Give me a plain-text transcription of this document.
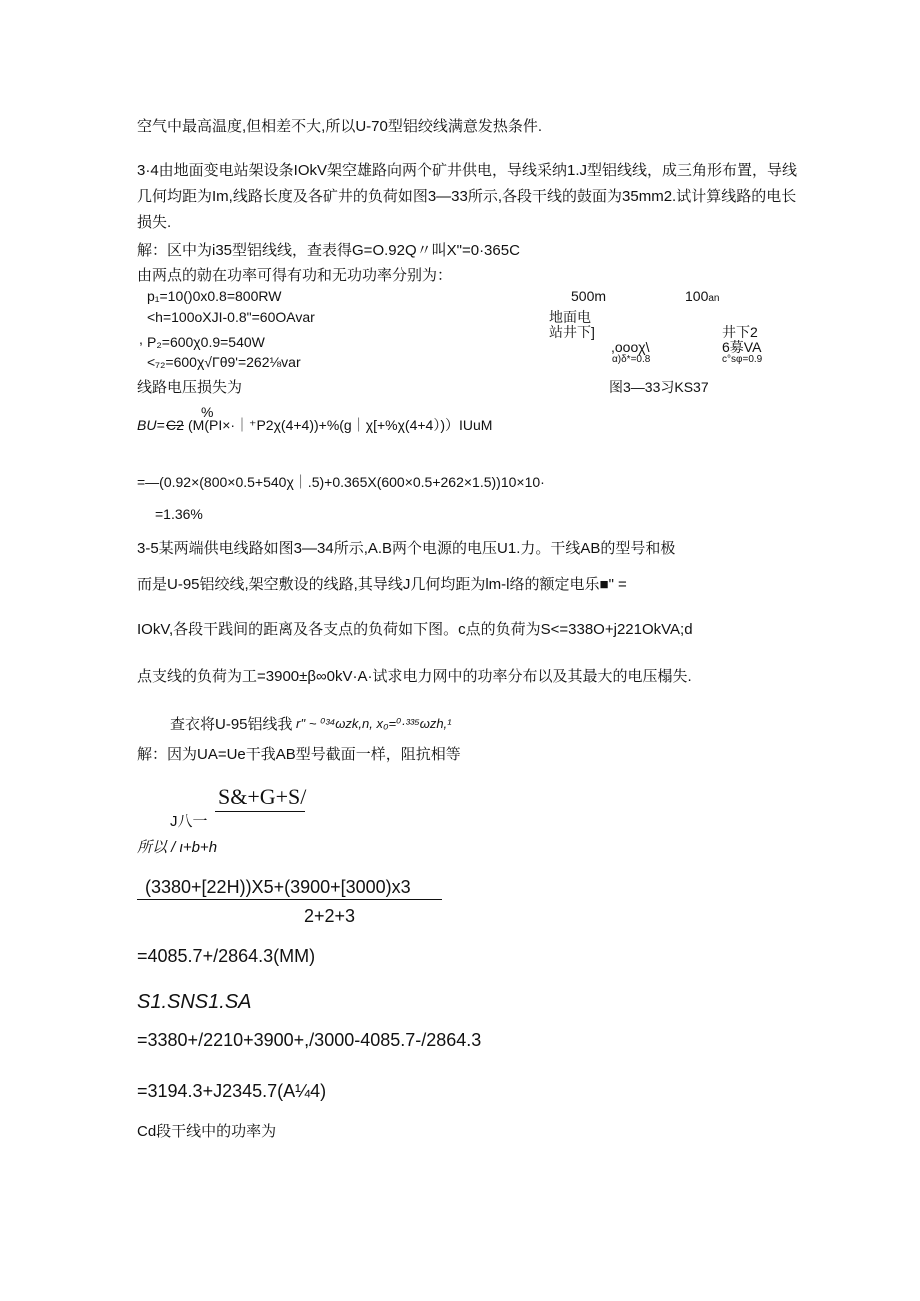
空气中最高温度,但相差不大,所以U-70型铝绞线满意发热条件.
3·4由地面变电站架设条IOkV架空雄路向两个矿井供电，导线采纳1.J型铝线线，成三角形布置，导线
几何均距为Im,线路长度及各矿井的负荷如图3—33所示,各段干线的鼓面为35mm2.试计算线路的电长
损失.
解：区中为i35型铝线线，查表得G=O.92Q〃叫X"=0·365C
由两点的勍在功率可得有功和无功功率分别为：
p₁=10()0x0.8=800RW
<h=100oXJI-0.8"=60OAvar
, P₂=600χ0.9=540W
<₇₂=600χ√Γθ9'=262⅛var
线路电压损失为
500m	100an
地面电
站井下]
,oooχ\
α)δ*=0.8
井下2
6募VA
c°sφ=0.9
图3—33习KS37
%
BU= C2 (M(PI×·｜⁺P2χ(4+4))+%(g｜χ[+%χ(4+4）)）IUuM
=—(0.92×(800×0.5+540χ｜.5)+0.365X(600×0.5+262×1.5))10×10·
=1.36%
3-5某两端供电线路如图3—34所示,A.B两个电源的电压U1.力。干线AB的型号和极
而是U-95铝绞线,架空敷设的线路,其导线J几何均距为lm-l络的额定电乐■" =
IOkV,各段干践间的距离及各支点的负荷如下图。c点的负荷为S<=338O+j221OkVA;d
点支线的负荷为工=3900±β∞0kV·A·试求电力网中的功率分布以及其最大的电压榻失.
查衣将U-95铝线我 r'' ~ ⁰³⁴ωzk,n, x₀=⁰·³³⁵ωzh,¹
解：因为UA=Ue干我AB型号截面一样，阻抗相等
S&+G+S/
J八一
所以 / ι+b+h
(3380+[22H))X5+(3900+[3000)x3
2+2+3
=4085.7+/2864.3(MM)
S1.SNS1.SA
=3380+/2210+3900+,/3000-4085.7-/2864.3
=3194.3+J2345.7(A¼4)
Cd段干线中的功率为
